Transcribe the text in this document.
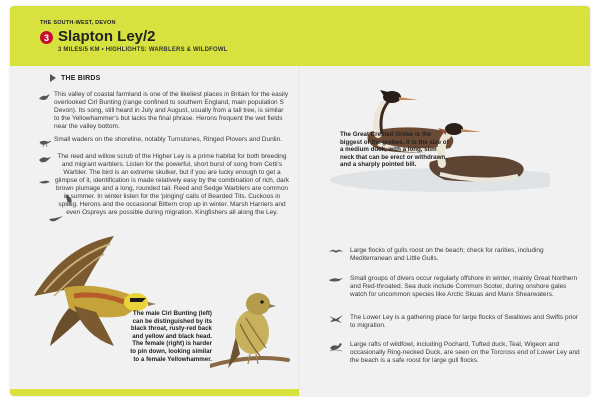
THE SOUTH-WEST, DEVON
3 Slapton Ley/2
3 MILES/5 KM • HIGHLIGHTS: WARBLERS & WILDFOWL
THE BIRDS
This valley of coastal farmland is one of the likeliest places in Britain for the easily overlooked Cirl Bunting (range confined to southern England, main population S Devon). Its song, still heard in July and August, usually from a tall tree, is similar to the Yellowhammer's but lacks the final phrase. Herons frequent the wet fields near the valley bottom.
Small waders on the shoreline, notably Turnstones, Ringed Plovers and Dunlin.
The reed and willow scrub of the Higher Ley is a prime habitat for both breeding and migrant warblers. Listen for the powerful, short burst of song from Cetti's Warbler. The bird is an extreme skulker, but if you are lucky enough to get a glimpse of it, identification is made relatively easy by the combination of rich, dark brown plumage and a long, rounded tail. Reed and Sedge Warblers are common in summer. In winter listen for the 'pinging' calls of Bearded Tits. Cuckoos in spring. Herons and the occasional Bittern crop up in winter. Marsh Harriers and even Ospreys are possible during migration. Kingfishers all along the Ley.
The Great Crested Grebe is the biggest of the grebes. It is the size of a medium duck, with a long, slim neck that can be erect or withdrawn, and a sharply pointed bill.
The male Cirl Bunting (left) can be distinguished by its black throat, rusty-red back and yellow and black head. The female (right) is harder to pin down, looking similar to a female Yellowhammer.
Large flocks of gulls roost on the beach; check for rarities, including Mediterranean and Little Gulls.
Small groups of divers occur regularly offshore in winter, mainly Great Northern and Red-throated. Sea duck include Common Scoter, during onshore gales watch for uncommon species like Arctic Skuas and Manx Shearwaters.
The Lower Ley is a gathering place for large flocks of Swallows and Swifts prior to migration.
Large rafts of wildfowl, including Pochard, Tufted duck, Teal, Wigeon and occasionally Ring-necked Duck, are seen on the Torcross end of Lower Ley and the beach is a safe roost for large gull flocks.
